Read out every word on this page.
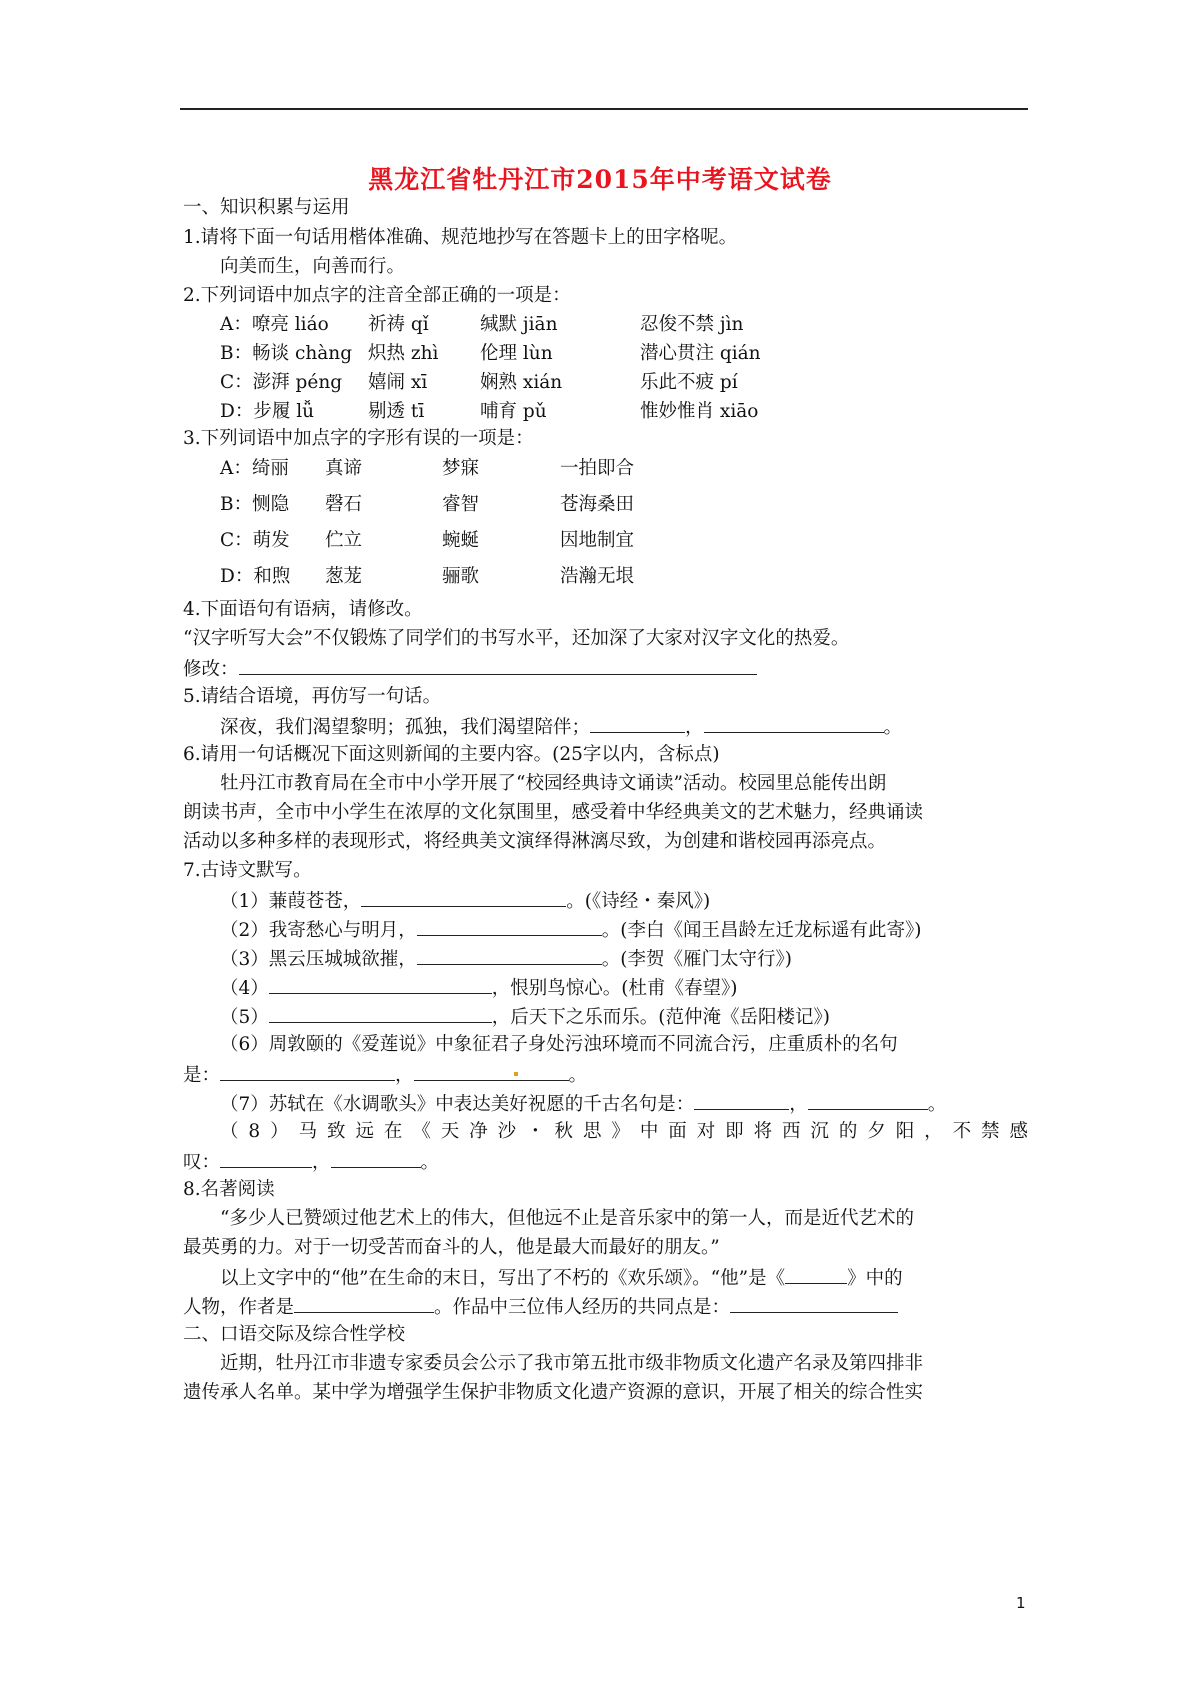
黑龙江省牡丹江市2015年中考语文试卷
一、知识积累与运用
1.请将下面一句话用楷体准确、规范地抄写在答题卡上的田字格呢。
向美而生，向善而行。
2.下列词语中加点字的注音全部正确的一项是：
A：嘹亮 liáo 祈祷 qǐ	缄默 jiān	忍俊不禁 jìn
B：畅谈 chàng 炽热 zhì 伦理 lùn	潜心贯注 qián
C：澎湃 péng 嬉闹 xī	娴熟 xián	乐此不疲 pí
D：步履 lǚ	剔透 tī	哺育 pǔ	惟妙惟肖 xiāo
3.下列词语中加点字的字形有误的一项是：
A：绮丽 真谛	梦寐	一拍即合
B：恻隐 磬石	睿智	苍海桑田
C：萌发 伫立	蜿蜒	因地制宜
D：和煦 葱茏	骊歌	浩瀚无垠
4.下面语句有语病，请修改。
“汉字听写大会”不仅锻炼了同学们的书写水平，还加深了大家对汉字文化的热爱。
修改：
5.请结合语境，再仿写一句话。
深夜，我们渴望黎明；孤独，我们渴望陪伴；	，	。
6.请用一句话概况下面这则新闻的主要内容。(25字以内，含标点)
牡丹江市教育局在全市中小学开展了“校园经典诗文诵读”活动。校园里总能传出朗
朗读书声，全市中小学生在浓厚的文化氛围里，感受着中华经典美文的艺术魅力，经典诵读
活动以多种多样的表现形式，将经典美文演绎得淋漓尽致，为创建和谐校园再添亮点。
7.古诗文默写。
（1）蒹葭苍苍，	。(《诗经・秦风》)
（2）我寄愁心与明月，	。(李白《闻王昌龄左迁龙标遥有此寄》)
（3）黑云压城城欲摧，	。(李贺《雁门太守行》)
（4）	，恨别鸟惊心。(杜甫《春望》)
（5）	，后天下之乐而乐。(范仲淹《岳阳楼记》)
（6）周敦颐的《爱莲说》中象征君子身处污浊环境而不同流合污，庄重质朴的名句
是：	，	。
（7）苏轼在《水调歌头》中表达美好祝愿的千古名句是：	，	。
（8）马致远在《天净沙・秋思》中面对即将西沉的夕阳，不禁感
叹：	，	。
8.名著阅读
“多少人已赞颂过他艺术上的伟大，但他远不止是音乐家中的第一人，而是近代艺术的
最英勇的力。对于一切受苦而奋斗的人，他是最大而最好的朋友。”
以上文字中的“他”在生命的末日，写出了不朽的《欢乐颂》。“他”是《	》中的
人物，作者是	。作品中三位伟人经历的共同点是：
二、口语交际及综合性学校
近期，牡丹江市非遗专家委员会公示了我市第五批市级非物质文化遗产名录及第四排非
遗传承人名单。某中学为增强学生保护非物质文化遗产资源的意识，开展了相关的综合性实
1
